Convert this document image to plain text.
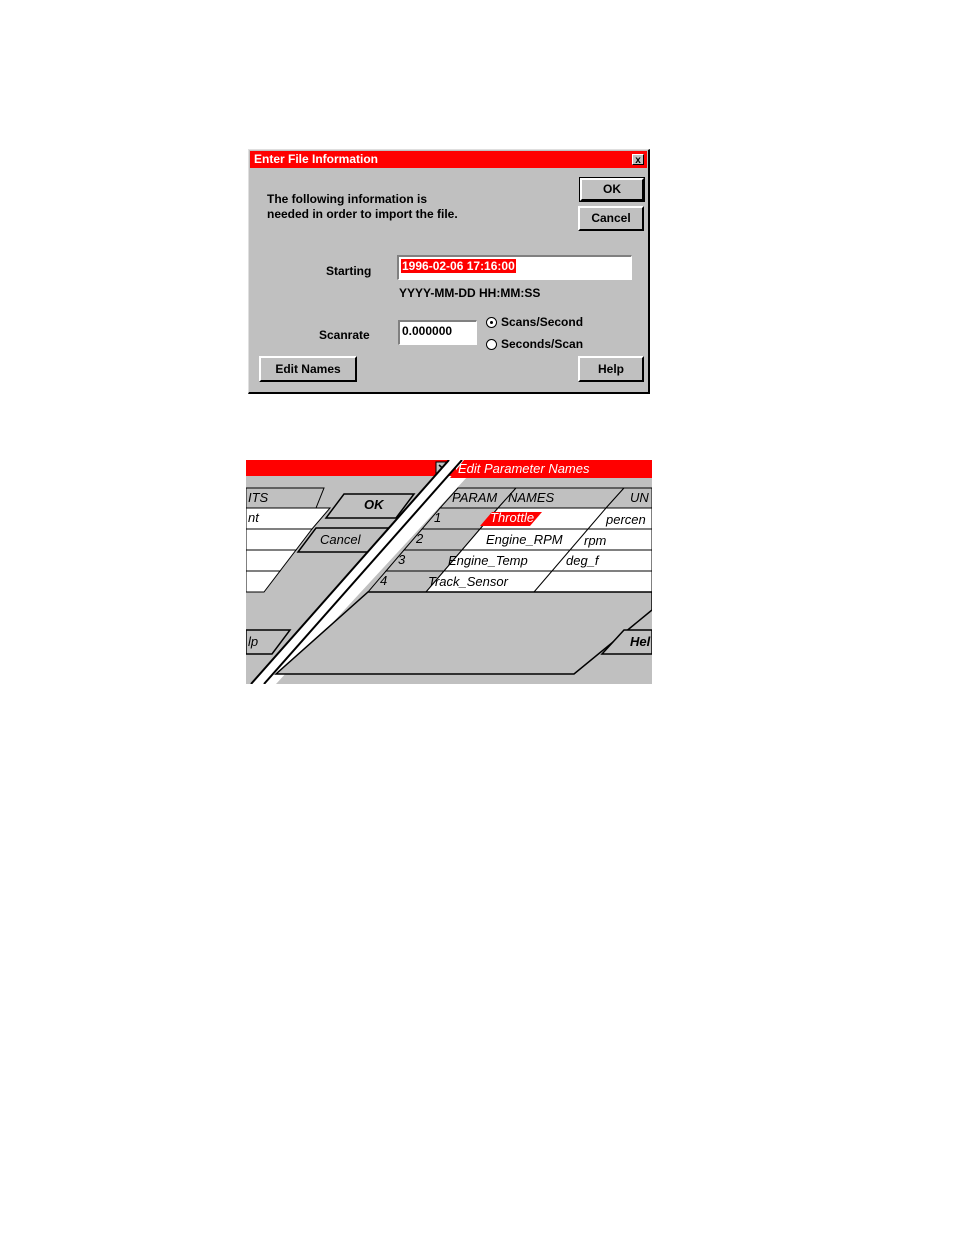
Enter File Information	x
The following information is
needed in order to import the file.
OK
Cancel
Starting	1996-02-06 17:16:00
YYYY-MM-DD HH:MM:SS
Scanrate	0.000000
Scans/Second
Seconds/Scan
Edit Names	Help
Edit Parameter Names
ITS
nt
OK
Cancel
lp
PARAM NAMES	UN
1	Throttle	percen
2	Engine_RPM rpm
3	Engine_Temp	deg_f
4	Track_Sensor
Hel
